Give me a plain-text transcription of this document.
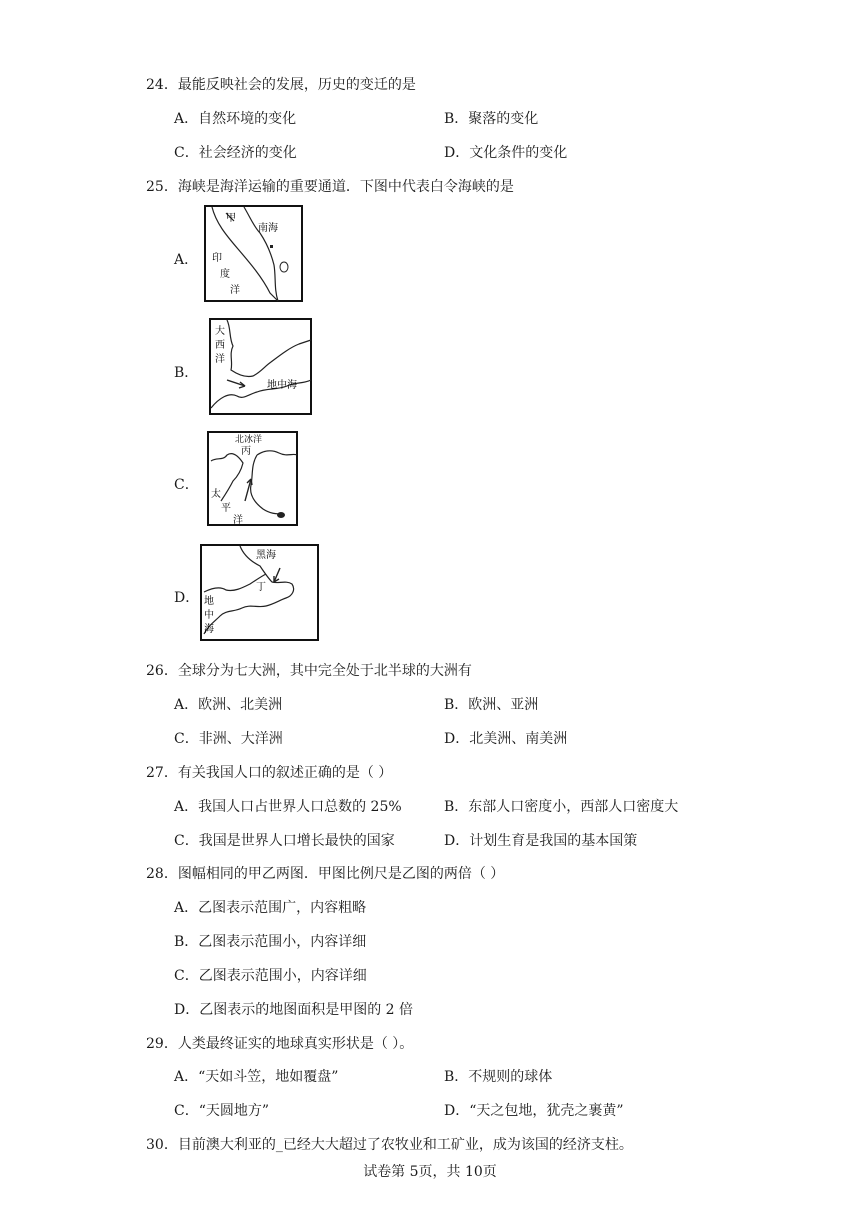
24．最能反映社会的发展，历史的变迁的是
A．自然环境的变化	B．聚落的变化
C．社会经济的变化	D．文化条件的变化
25．海峡是海洋运输的重要通道．下图中代表白令海峡的是
A．
甲
南海
印
度
洋
B．
大
西
洋
地中海
C．
北冰洋
丙
太
平
洋
D．
黑海
丁
地
中
海
26．全球分为七大洲，其中完全处于北半球的大洲有
A．欧洲、北美洲	B．欧洲、亚洲
C．非洲、大洋洲	D．北美洲、南美洲
27．有关我国人口的叙述正确的是（ ）
A．我国人口占世界人口总数的 25%	B．东部人口密度小，西部人口密度大
C．我国是世界人口增长最快的国家	D．计划生育是我国的基本国策
28．图幅相同的甲乙两图．甲图比例尺是乙图的两倍（ ）
A．乙图表示范围广，内容粗略
B．乙图表示范围小，内容详细
C．乙图表示范围小，内容详细
D．乙图表示的地图面积是甲图的 2 倍
29．人类最终证实的地球真实形状是（ ）。
A．“天如斗笠，地如覆盘”	B．不规则的球体
C．“天圆地方”	D．“天之包地，犹壳之裹黄”
30．目前澳大利亚的_已经大大超过了农牧业和工矿业，成为该国的经济支柱。
试卷第 5页，共 10页
